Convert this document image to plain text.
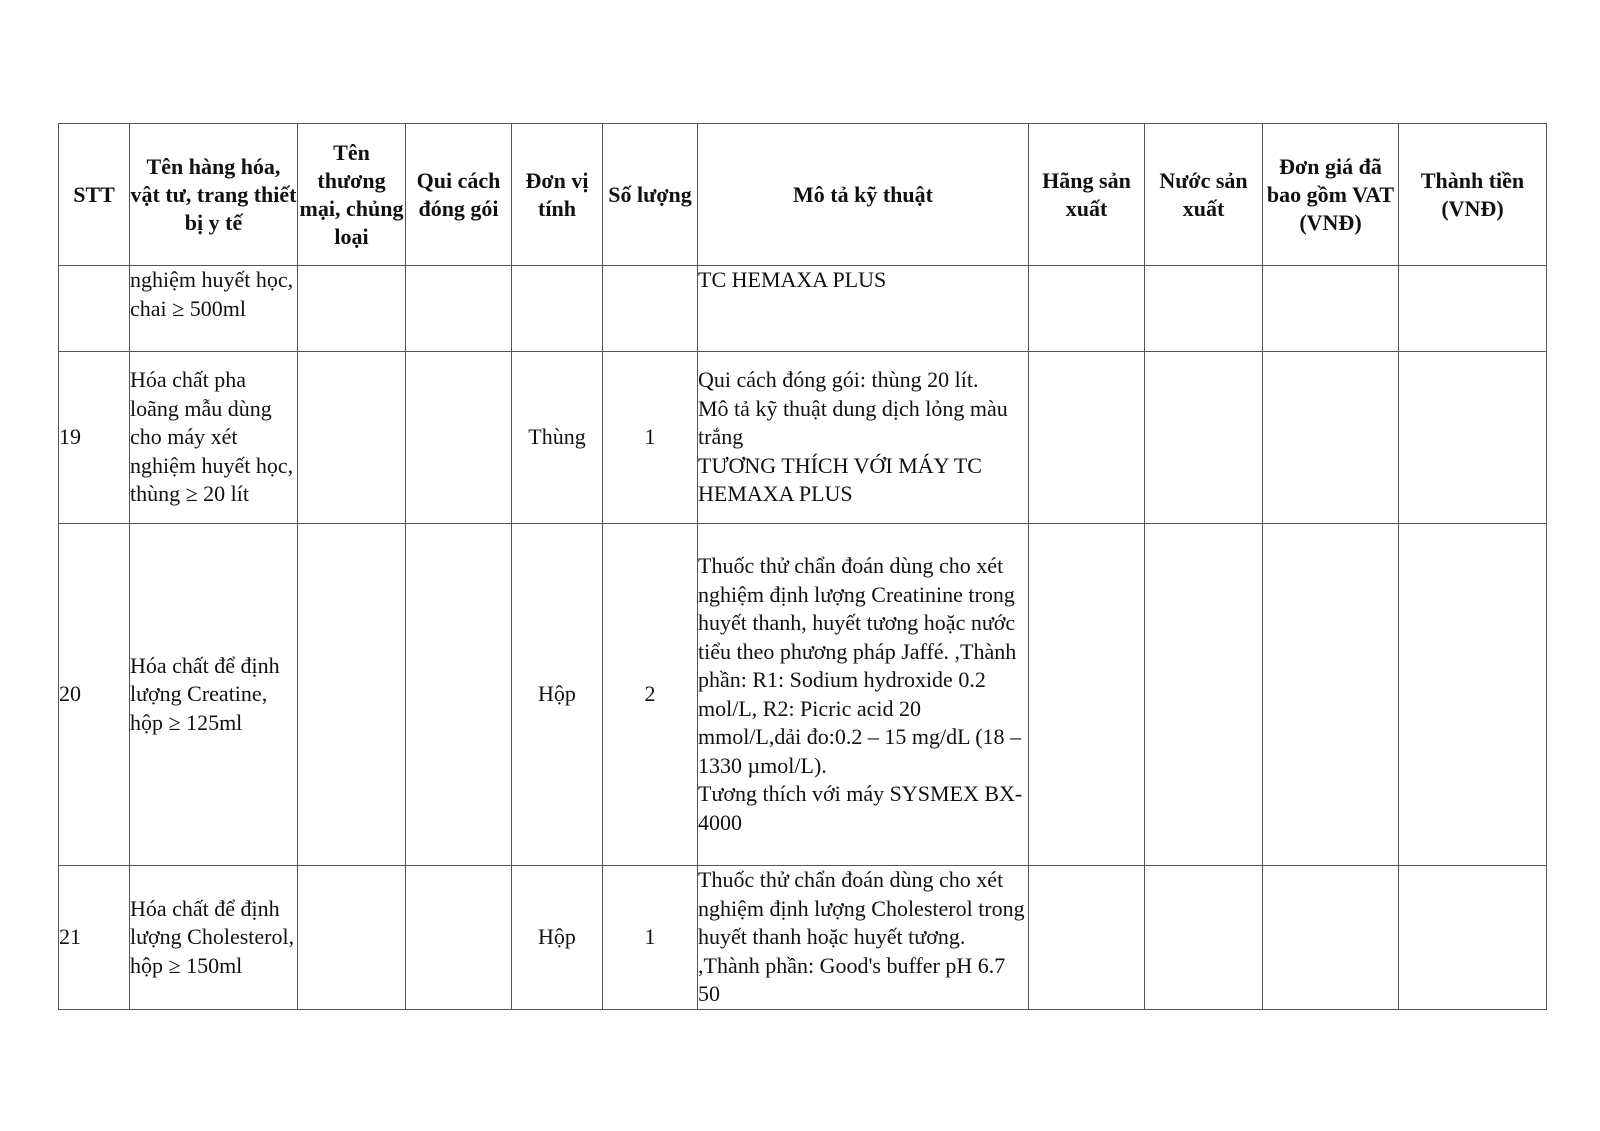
STT	Tên hàng hóa, vật tư, trang thiết bị y tế	Tên thương mại, chủng loại	Qui cách đóng gói	Đơn vị tính	Số lượng	Mô tả kỹ thuật	Hãng sản xuất	Nước sản xuất	Đơn giá đã bao gồm VAT (VNĐ)	Thành tiền (VNĐ)

	nghiệm huyết học, chai ≥ 500ml					TC HEMAXA PLUS				

19	Hóa chất pha loãng mẫu dùng cho máy xét nghiệm huyết học, thùng ≥ 20 lít			Thùng	1	Qui cách đóng gói: thùng 20 lít.
Mô tả kỹ thuật dung dịch lỏng màu trắng
TƯƠNG THÍCH VỚI MÁY TC HEMAXA PLUS				

20	Hóa chất để định lượng Creatine, hộp ≥ 125ml			Hộp	2	Thuốc thử chẩn đoán dùng cho xét nghiệm định lượng Creatinine trong huyết thanh, huyết tương hoặc nước tiểu theo phương pháp Jaffé. ,Thành phần: R1: Sodium hydroxide 0.2 mol/L, R2: Picric acid 20 mmol/L,dải đo:0.2 – 15 mg/dL (18 – 1330 µmol/L).
Tương thích với máy SYSMEX BX-4000				

21	Hóa chất để định lượng Cholesterol, hộp ≥ 150ml			Hộp	1	Thuốc thử chẩn đoán dùng cho xét nghiệm định lượng Cholesterol trong huyết thanh hoặc huyết tương. ,Thành phần: Good's buffer pH 6.7 50				
